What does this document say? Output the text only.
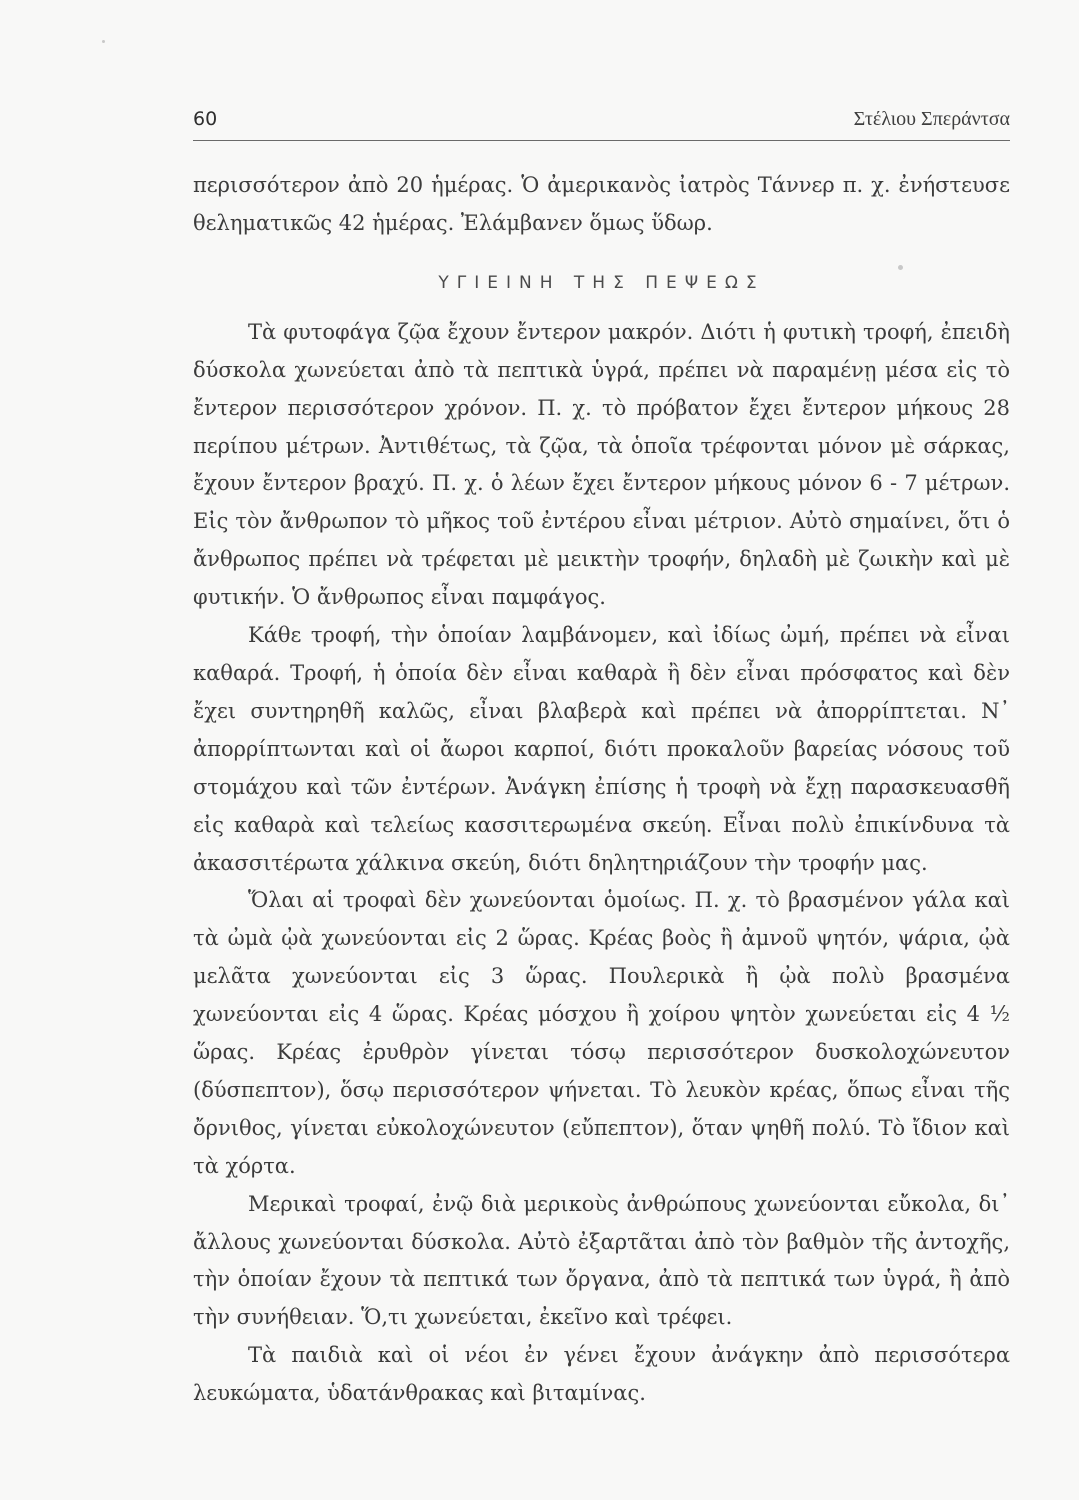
60	Στέλιου Σπεράντσα

περισσότερον ἀπὸ 20 ἡμέρας. Ὁ ἀμερικανὸς ἰατρὸς Τάννερ π. χ. ἐνήστευσε θεληματικῶς 42 ἡμέρας. Ἐλάμβανεν ὅμως ὕδωρ.

ΥΓΙΕΙΝΗ ΤΗΣ ΠΕΨΕΩΣ

Τὰ φυτοφάγα ζῷα ἔχουν ἔντερον μακρόν. Διότι ἡ φυτικὴ τροφή, ἐπειδὴ δύσκολα χωνεύεται ἀπὸ τὰ πεπτικὰ ὑγρά, πρέπει νὰ παραμένῃ μέσα εἰς τὸ ἔντερον περισσότερον χρόνον. Π. χ. τὸ πρόβατον ἔχει ἔντερον μήκους 28 περίπου μέτρων. Ἀντιθέτως, τὰ ζῷα, τὰ ὁποῖα τρέφονται μόνον μὲ σάρκας, ἔχουν ἔντερον βραχύ. Π. χ. ὁ λέων ἔχει ἔντερον μήκους μόνον 6 - 7 μέτρων. Εἰς τὸν ἄνθρωπον τὸ μῆκος τοῦ ἐντέρου εἶναι μέτριον. Αὐτὸ σημαίνει, ὅτι ὁ ἄνθρωπος πρέπει νὰ τρέφεται μὲ μεικτὴν τροφήν, δηλαδὴ μὲ ζωικὴν καὶ μὲ φυτικήν. Ὁ ἄνθρωπος εἶναι παμφάγος.

Κάθε τροφή, τὴν ὁποίαν λαμβάνομεν, καὶ ἰδίως ὠμή, πρέπει νὰ εἶναι καθαρά. Τροφή, ἡ ὁποία δὲν εἶναι καθαρὰ ἢ δὲν εἶναι πρόσφατος καὶ δὲν ἔχει συντηρηθῆ καλῶς, εἶναι βλαβερὰ καὶ πρέπει νὰ ἀπορρίπτεται. Ν᾿ ἀπορρίπτωνται καὶ οἱ ἄωροι καρποί, διότι προκαλοῦν βαρείας νόσους τοῦ στομάχου καὶ τῶν ἐντέρων. Ἀνάγκη ἐπίσης ἡ τροφὴ νὰ ἔχῃ παρασκευασθῆ εἰς καθαρὰ καὶ τελείως κασσιτερωμένα σκεύη. Εἶναι πολὺ ἐπικίνδυνα τὰ ἀκασσιτέρωτα χάλκινα σκεύη, διότι δηλητηριάζουν τὴν τροφήν μας.

Ὅλαι αἱ τροφαὶ δὲν χωνεύονται ὁμοίως. Π. χ. τὸ βρασμένον γάλα καὶ τὰ ὠμὰ ᾠὰ χωνεύονται εἰς 2 ὥρας. Κρέας βοὸς ἢ ἀμνοῦ ψητόν, ψάρια, ᾠὰ μελᾶτα χωνεύονται εἰς 3 ὥρας. Πουλερικὰ ἢ ᾠὰ πολὺ βρασμένα χωνεύονται εἰς 4 ὥρας. Κρέας μόσχου ἢ χοίρου ψητὸν χωνεύεται εἰς 4 ½ ὥρας. Κρέας ἐρυθρὸν γίνεται τόσῳ περισσότερον δυσκολοχώνευτον (δύσπεπτον), ὅσῳ περισσότερον ψήνεται. Τὸ λευκὸν κρέας, ὅπως εἶναι τῆς ὄρνιθος, γίνεται εὐκολοχώνευτον (εὔπεπτον), ὅταν ψηθῆ πολύ. Τὸ ἴδιον καὶ τὰ χόρτα.

Μερικαὶ τροφαί, ἐνῷ διὰ μερικοὺς ἀνθρώπους χωνεύονται εὔκολα, δι᾿ ἄλλους χωνεύονται δύσκολα. Αὐτὸ ἐξαρτᾶται ἀπὸ τὸν βαθμὸν τῆς ἀντοχῆς, τὴν ὁποίαν ἔχουν τὰ πεπτικά των ὄργανα, ἀπὸ τὰ πεπτικά των ὑγρά, ἢ ἀπὸ τὴν συνήθειαν. Ὅ,τι χωνεύεται, ἐκεῖνο καὶ τρέφει.

Τὰ παιδιὰ καὶ οἱ νέοι ἐν γένει ἔχουν ἀνάγκην ἀπὸ περισσότερα λευκώματα, ὑδατάνθρακας καὶ βιταμίνας.
